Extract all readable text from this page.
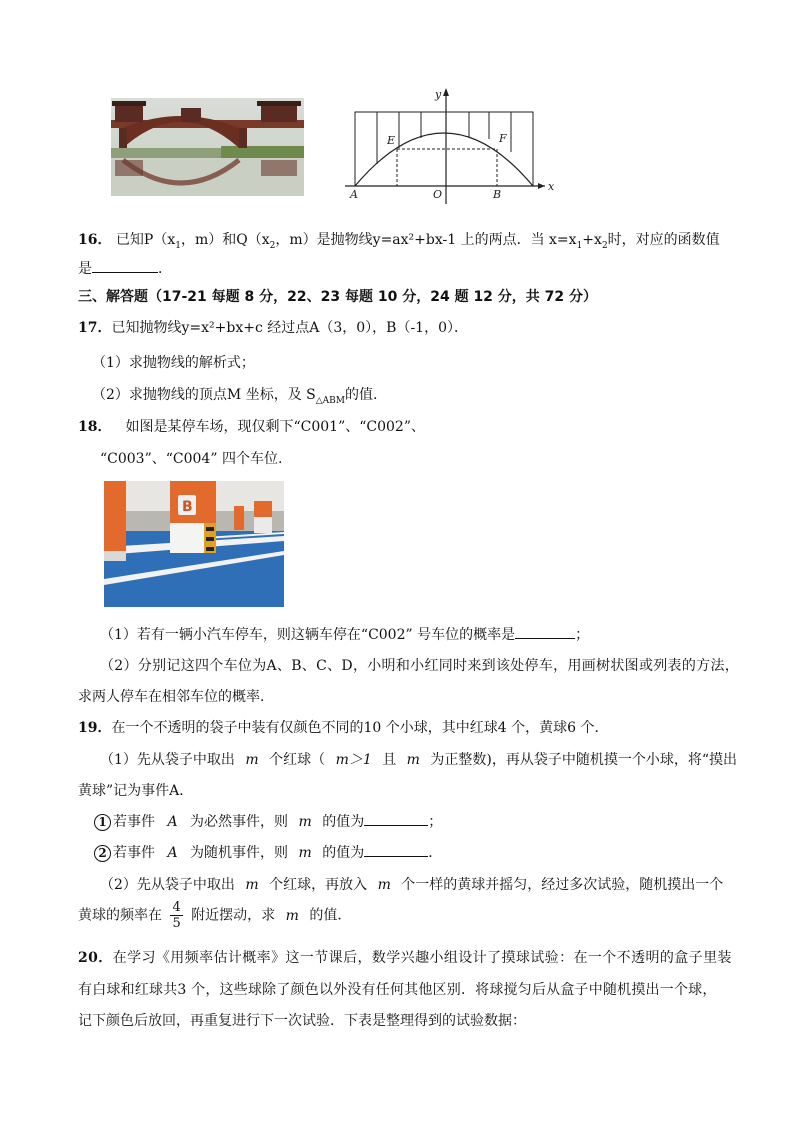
y
x
E	F
A	O	B
16． 已知$P(x_1$，m）和$Q(x_2$，m）是抛物线y=ax²+bx-1 上的两点．当 $x=x_1+x_2$时，对应的函数值
是	．
三、解答题（17-21 每题 8 分，22、23 每题 10 分，24 题 12 分，共 72 分）
17．已知抛物线y=x²+bx+c 经过点A（3，0），B（-1，0）．
（1）求抛物线的解析式；
（2）求抛物线的顶点M 坐标，及 $S_{\triangle ABM}$的值.
18． 如图是某停车场，现仅剩下“C001”、“C002”、
“C003”、“C004” 四个车位.
B
（1）若有一辆小汽车停车，则这辆车停在“C002” 号车位的概率是	；
（2）分别记这四个车位为A、B、C、D，小明和小红同时来到该处停车，用画树状图或列表的方法，
求两人停车在相邻车位的概率．
19．在一个不透明的袋子中装有仅颜色不同的10 个小球，其中红球4 个，黄球6 个．
（1）先从袋子中取出 m 个红球（ m＞1 且 m 为正整数)，再从袋子中随机摸一个小球，将“摸出
黄球”记为事件A．
1 若事件 A 为必然事件，则 m 的值为	；
2 若事件 A 为随机事件，则 m 的值为	．
（2）先从袋子中取出 m 个红球，再放入 m 个一样的黄球并摇匀，经过多次试验，随机摸出一个
黄球的频率在 $\frac{4}{5}$ 附近摆动，求 m 的值．
20．在学习《用频率估计概率》这一节课后，数学兴趣小组设计了摸球试验：在一个不透明的盒子里装
有白球和红球共3 个，这些球除了颜色以外没有任何其他区别．将球搅匀后从盒子中随机摸出一个球，
记下颜色后放回，再重复进行下一次试验．下表是整理得到的试验数据：
